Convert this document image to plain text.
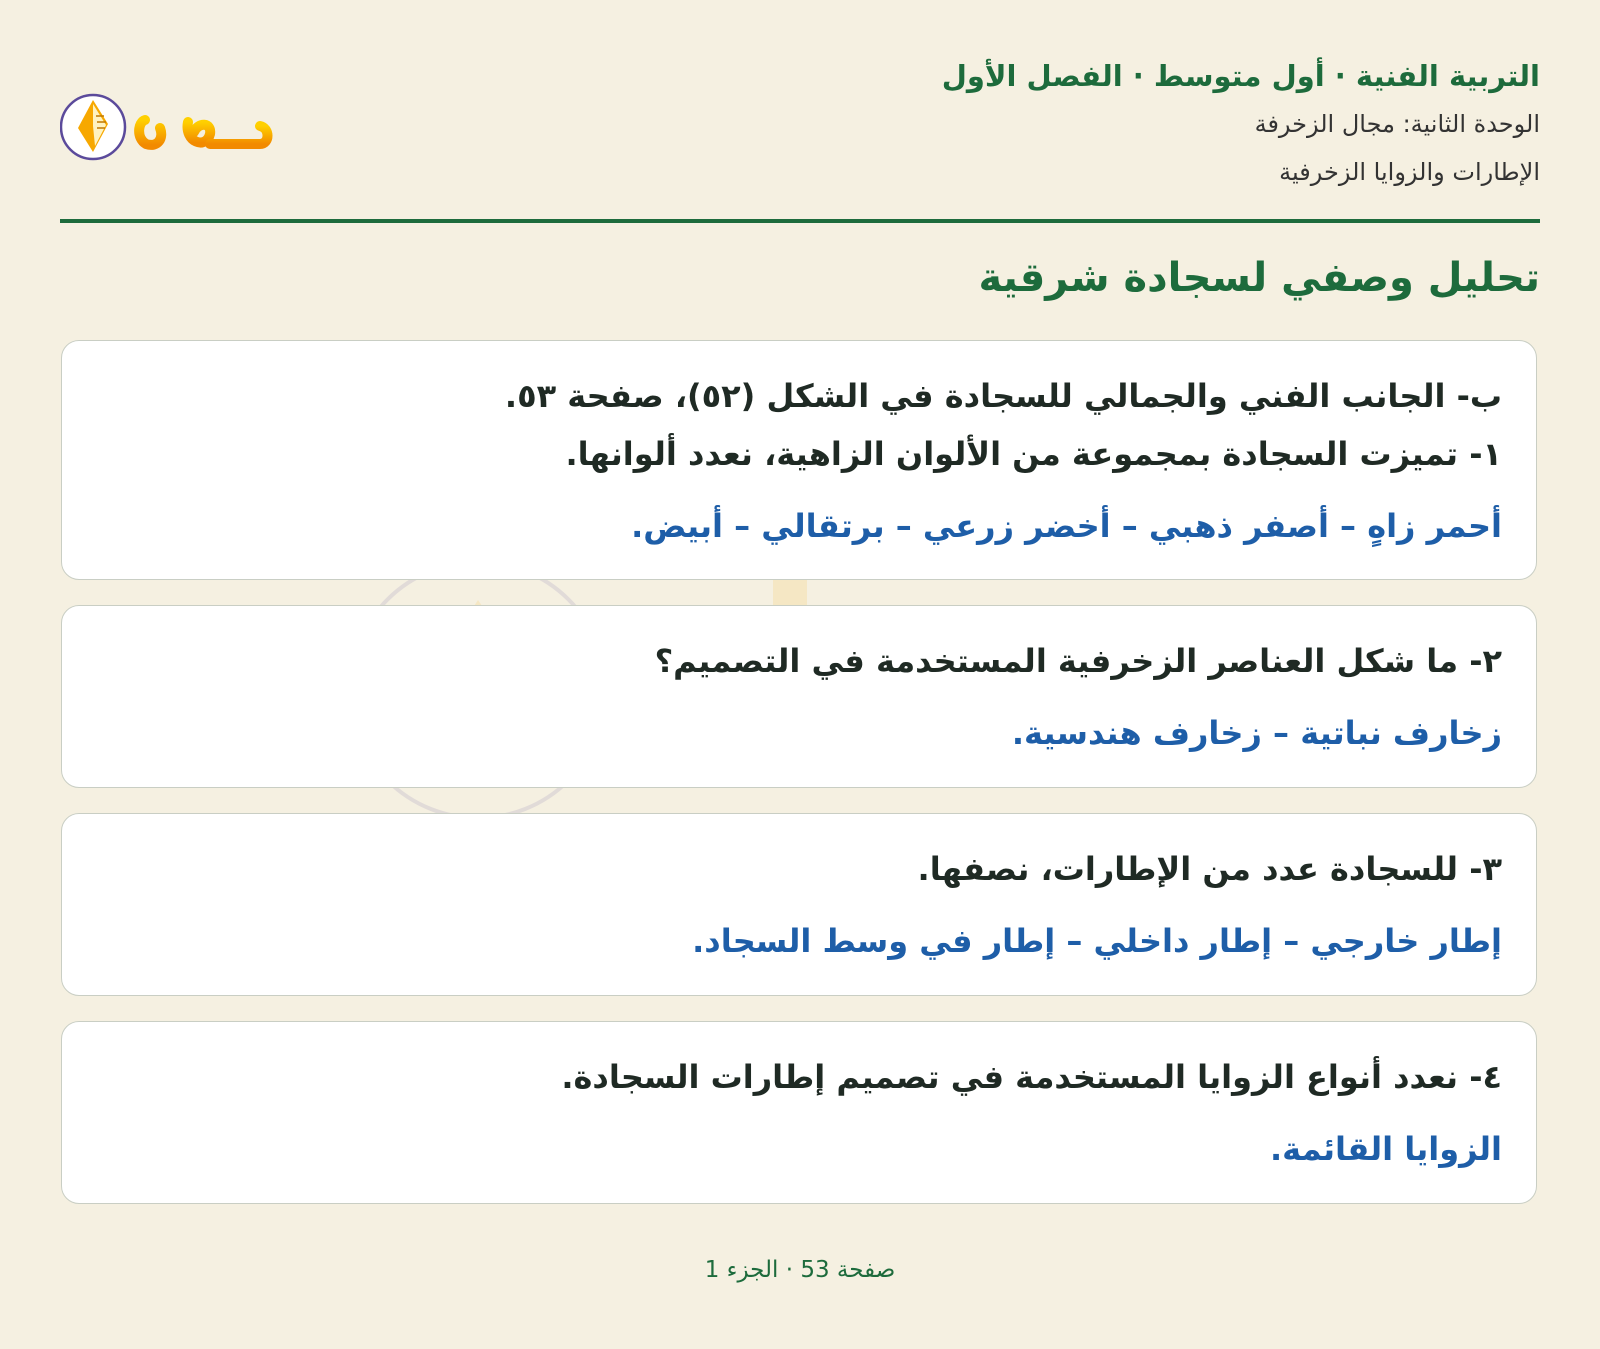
التربية الفنية · أول متوسط · الفصل الأول
الوحدة الثانية: مجال الزخرفة
الإطارات والزوايا الزخرفية
تحليل وصفي لسجادة شرقية
ب- الجانب الفني والجمالي للسجادة في الشكل (٥٢)، صفحة ٥٣.
١- تميزت السجادة بمجموعة من الألوان الزاهية، نعدد ألوانها.
أحمر زاهٍ – أصفر ذهبي – أخضر زرعي – برتقالي – أبيض.
٢- ما شكل العناصر الزخرفية المستخدمة في التصميم؟
زخارف نباتية – زخارف هندسية.
٣- للسجادة عدد من الإطارات، نصفها.
إطار خارجي – إطار داخلي – إطار في وسط السجاد.
٤- نعدد أنواع الزوايا المستخدمة في تصميم إطارات السجادة.
الزوايا القائمة.
صفحة 53 · الجزء 1
